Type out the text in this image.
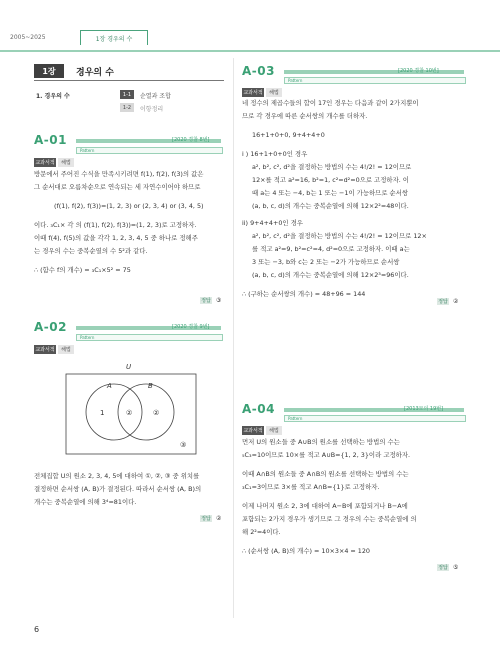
2005~2025	1장 경우의 수
1장	경우의 수
1. 경우의 수	1-1	순열과 조합
1-2	이항정리
A-01	[2020 경찰 8번]
Pattern
교과서적	해법
방문에서 주어진 수식을 만족시키려면 f(1), f(2), f(3)의 값은
그 순서대로 오름차순으로 연속되는 세 자연수이어야 하므로
(f(1), f(2), f(3))=(1, 2, 3) or (2, 3, 4) or (3, 4, 5)
이다. ₃C₁× 각 의 (f(1), f(2), f(3))=(1, 2, 3)로 고정하자.
이때 f(4), f(5)의 값을 각각 1, 2, 3, 4, 5 중 하나로 정해주
는 경우의 수는 중복순열의 수 5²과 같다.
∴ (함수 f의 개수) = ₃C₁×5² = 75
정답 ③
A-02	[2020 경찰 9번]
Pattern
교과서적	해법
U
A	B
1	②	②
③
전체집합 U의 원소 2, 3, 4, 5에 대하여 ①, ②, ③ 중 위치를
결정하면 순서쌍 (A, B)가 결정된다. 따라서 순서쌍 (A, B)의
개수는 중복순열에 의해 3⁴=81이다.
정답 ②
A-03	[2020 경찰 10번]
Pattern
교과서적	해법
네 정수의 제곱수들의 합이 17인 경우는 다음과 같이 2가지뿐이
므로 각 경우에 따른 순서쌍의 개수를 더하자.
16+1+0+0, 9+4+4+0
i ) 16+1+0+0인 경우
a², b², c², d²을 결정하는 방법의 수는 4!/2! = 12이므로
12×를 적고 a²=16, b²=1, c²=d²=0으로 고정하자. 이
때 a는 4 또는 −4, b는 1 또는 −1이 가능하므로 순서쌍
(a, b, c, d)의 개수는 중복순열에 의해 12×2²=48이다.
ii) 9+4+4+0인 경우
a², b², c², d²을 결정하는 방법의 수는 4!/2! = 12이므로 12×
를 적고 a²=9, b²=c²=4, d²=0으로 고정하자. 이때 a는
3 또는 −3, b와 c는 2 또는 −2가 가능하므로 순서쌍
(a, b, c, d)의 개수는 중복순열에 의해 12×2³=96이다.
∴ (구하는 순서쌍의 개수) = 48+96 = 144
정답 ②
A-04	[2013모의 19번]
Pattern
교과서적	해법
먼저 U의 원소들 중 A∪B의 원소를 선택하는 방법의 수는
₅C₃=10이므로 10×를 적고 A∪B={1, 2, 3}이라 고정하자.
이때 A∩B의 원소들 중 A∩B의 원소를 선택하는 방법의 수는
₃C₁=3이므로 3×를 적고 A∩B={1}로 고정하자.
이제 나머지 원소 2, 3에 대하여 A−B에 포함되거나 B−A에
포함되는 2가지 경우가 생기므로 그 경우의 수는 중복순열에 의
해 2²=4이다.
∴ (순서쌍 (A, B)의 개수) = 10×3×4 = 120
정답 ⑤
6
